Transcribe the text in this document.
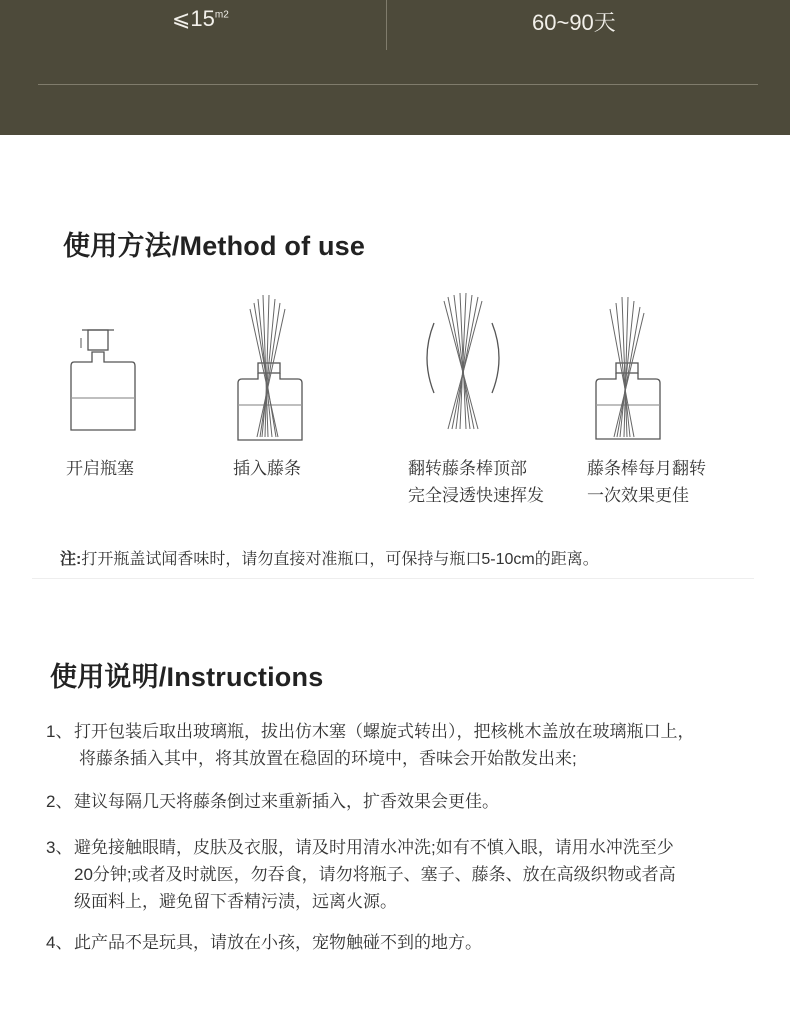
$⩽15^{m2}$	60~90天
使用方法/Method of use
开启瓶塞	插入藤条	翻转藤条棒顶部
完全浸透快速挥发
藤条棒每月翻转
一次效果更佳
注:打开瓶盖试闻香味时，请勿直接对准瓶口，可保持与瓶口5-10cm的距离。
使用说明/Instructions
1、打开包装后取出玻璃瓶，拔出仿木塞（螺旋式转出），把核桃木盖放在玻璃瓶口上，
将藤条插入其中，将其放置在稳固的环境中，香味会开始散发出来;
2、建议每隔几天将藤条倒过来重新插入，扩香效果会更佳。
3、避免接触眼睛，皮肤及衣服，请及时用清水冲洗;如有不慎入眼，请用水冲洗至少
20分钟;或者及时就医，勿吞食，请勿将瓶子、塞子、藤条、放在高级织物或者高
级面料上，避免留下香精污渍，远离火源。
4、此产品不是玩具，请放在小孩，宠物触碰不到的地方。
